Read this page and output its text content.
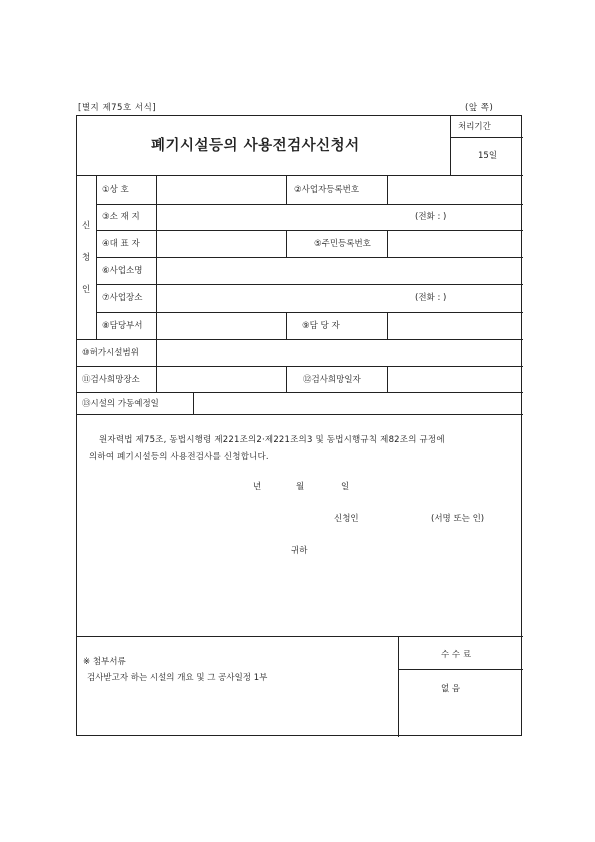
[별지 제75호 서식]	(앞 쪽)
폐기시설등의 사용전검사신청서
처리기간
15일
신
청
인
①상 호	②사업자등록번호
③소 재 지	(전화 : )
④대 표 자	⑤주민등록번호
⑥사업소명
⑦사업장소	(전화 : )
⑧담당부서	⑨담 당 자
⑩허가시설범위
⑪검사희망장소	⑫검사희망일자
⑬시설의 가동예정일
원자력법 제75조, 동법시행령 제221조의2·제221조의3 및 동법시행규칙 제82조의 규정에
의하여 폐기시설등의 사용전검사를 신청합니다.
년	월	일
신청인	(서명 또는 인)
귀하
※ 첨부서류
검사받고자 하는 시설의 개요 및 그 공사일정 1부
수 수 료
없 음
